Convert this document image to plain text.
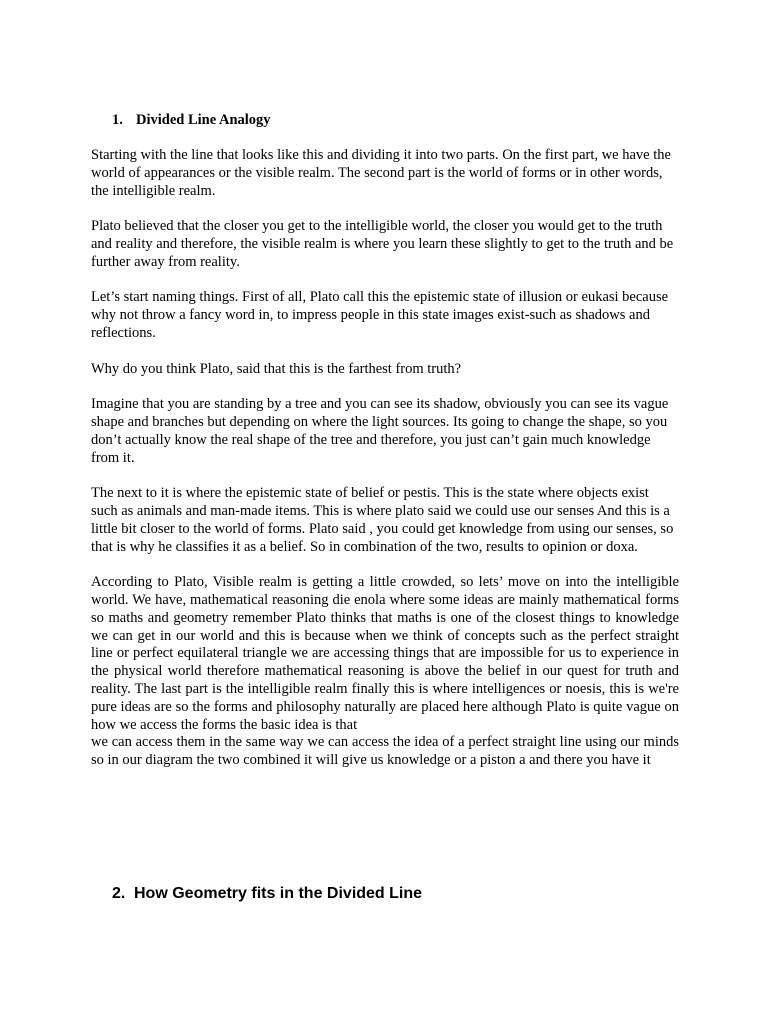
1. Divided Line Analogy

Starting with the line that looks like this and dividing it into two parts. On the first part, we have the world of appearances or the visible realm. The second part is the world of forms or in other words, the intelligible realm.

Plato believed that the closer you get to the intelligible world, the closer you would get to the truth and reality and therefore, the visible realm is where you learn these slightly to get to the truth and be further away from reality.

Let’s start naming things. First of all, Plato call this the epistemic state of illusion or eukasi because why not throw a fancy word in, to impress people in this state images exist-such as shadows and reflections.

Why do you think Plato, said that this is the farthest from truth?

Imagine that you are standing by a tree and you can see its shadow, obviously you can see its vague shape and branches but depending on where the light sources. Its going to change the shape, so you don’t actually know the real shape of the tree and therefore, you just can’t gain much knowledge from it.

The next to it is where the epistemic state of belief or pestis. This is the state where objects exist such as animals and man-made items. This is where plato said we could use our senses And this is a little bit closer to the world of forms. Plato said , you could get knowledge from using our senses, so that is why he classifies it as a belief. So in combination of the two, results to opinion or doxa.

According to Plato, Visible realm is getting a little crowded, so lets’ move on into the intelligible world. We have, mathematical reasoning die enola where some ideas are mainly mathematical forms so maths and geometry remember Plato thinks that maths is one of the closest things to knowledge we can get in our world and this is because when we think of concepts such as the perfect straight line or perfect equilateral triangle we are accessing things that are impossible for us to experience in the physical world therefore mathematical reasoning is above the belief in our quest for truth and reality. The last part is the intelligible realm finally this is where intelligences or noesis, this is we're pure ideas are so the forms and philosophy naturally are placed here although Plato is quite vague on how we access the forms the basic idea is that
we can access them in the same way we can access the idea of a perfect straight line using our minds so in our diagram the two combined it will give us knowledge or a piston a and there you have it

2. How Geometry fits in the Divided Line
